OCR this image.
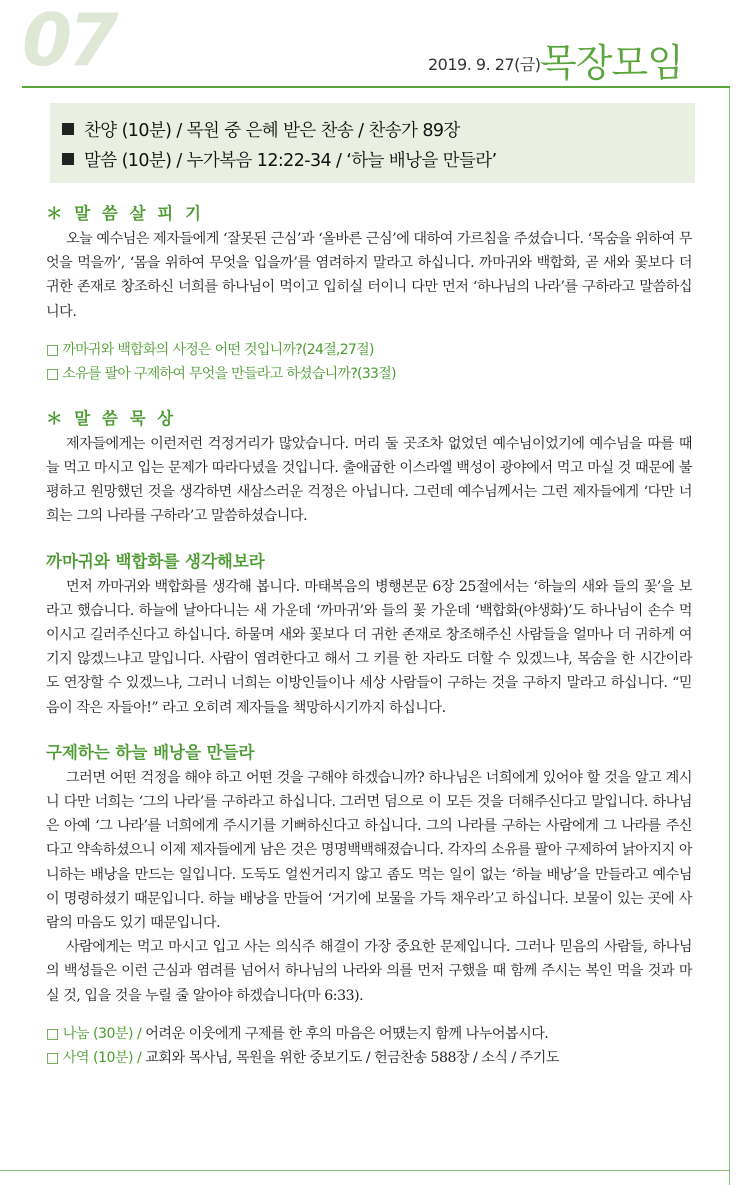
07	2019. 9. 27(금) 목장모임
찬양 (10분) / 목원 중 은혜 받은 찬송 / 찬송가 89장
말씀 (10분) / 누가복음 12:22-34 / ‘하늘 배낭을 만들라’
＊ 말 씀 살 피 기

오늘 예수님은 제자들에게 ‘잘못된 근심’과 ‘올바른 근심’에 대하여 가르침을 주셨습니다. ‘목숨을 위하여 무엇을 먹을까’, ‘몸을 위하여 무엇을 입을까’를 염려하지 말라고 하십니다. 까마귀와 백합화, 곧 새와 꽃보다 더 귀한 존재로 창조하신 너희를 하나님이 먹이고 입히실 터이니 다만 먼저 ‘하나님의 나라’를 구하라고 말씀하십니다.

□ 까마귀와 백합화의 사정은 어떤 것입니까?(24절,27절)
□ 소유를 팔아 구제하여 무엇을 만들라고 하셨습니까?(33절)
＊ 말 씀 묵 상

제자들에게는 이런저런 걱정거리가 많았습니다. 머리 둘 곳조차 없었던 예수님이었기에 예수님을 따를 때 늘 먹고 마시고 입는 문제가 따라다녔을 것입니다. 출애굽한 이스라엘 백성이 광야에서 먹고 마실 것 때문에 불평하고 원망했던 것을 생각하면 새삼스러운 걱정은 아닙니다. 그런데 예수님께서는 그런 제자들에게 ‘다만 너희는 그의 나라를 구하라’고 말씀하셨습니다.

까마귀와 백합화를 생각해보라

먼저 까마귀와 백합화를 생각해 봅니다. 마태복음의 병행본문 6장 25절에서는 ‘하늘의 새와 들의 꽃’을 보라고 했습니다. 하늘에 날아다니는 새 가운데 ‘까마귀’와 들의 꽃 가운데 ‘백합화(야생화)’도 하나님이 손수 먹이시고 길러주신다고 하십니다. 하물며 새와 꽃보다 더 귀한 존재로 창조해주신 사람들을 얼마나 더 귀하게 여기지 않겠느냐고 말입니다. 사람이 염려한다고 해서 그 키를 한 자라도 더할 수 있겠느냐, 목숨을 한 시간이라도 연장할 수 있겠느냐, 그러니 너희는 이방인들이나 세상 사람들이 구하는 것을 구하지 말라고 하십니다. “믿음이 작은 자들아!” 라고 오히려 제자들을 책망하시기까지 하십니다.

구제하는 하늘 배낭을 만들라

그러면 어떤 걱정을 해야 하고 어떤 것을 구해야 하겠습니까? 하나님은 너희에게 있어야 할 것을 알고 계시니 다만 너희는 ‘그의 나라’를 구하라고 하십니다. 그러면 덤으로 이 모든 것을 더해주신다고 말입니다. 하나님은 아예 ‘그 나라’를 너희에게 주시기를 기뻐하신다고 하십니다. 그의 나라를 구하는 사람에게 그 나라를 주신다고 약속하셨으니 이제 제자들에게 남은 것은 명명백백해졌습니다. 각자의 소유를 팔아 구제하여 낡아지지 아니하는 배낭을 만드는 일입니다. 도둑도 얼씬거리지 않고 좀도 먹는 일이 없는 ‘하늘 배낭’을 만들라고 예수님이 명령하셨기 때문입니다. 하늘 배낭을 만들어 ‘거기에 보물을 가득 채우라’고 하십니다. 보물이 있는 곳에 사람의 마음도 있기 때문입니다.

사람에게는 먹고 마시고 입고 사는 의식주 해결이 가장 중요한 문제입니다. 그러나 믿음의 사람들, 하나님의 백성들은 이런 근심과 염려를 넘어서 하나님의 나라와 의를 먼저 구했을 때 함께 주시는 복인 먹을 것과 마실 것, 입을 것을 누릴 줄 알아야 하겠습니다(마 6:33).

□ 나눔 (30분) / 어려운 이웃에게 구제를 한 후의 마음은 어떘는지 함께 나누어봅시다.
□ 사역 (10분) / 교회와 목사님, 목원을 위한 중보기도 / 헌금찬송 588장 / 소식 / 주기도
